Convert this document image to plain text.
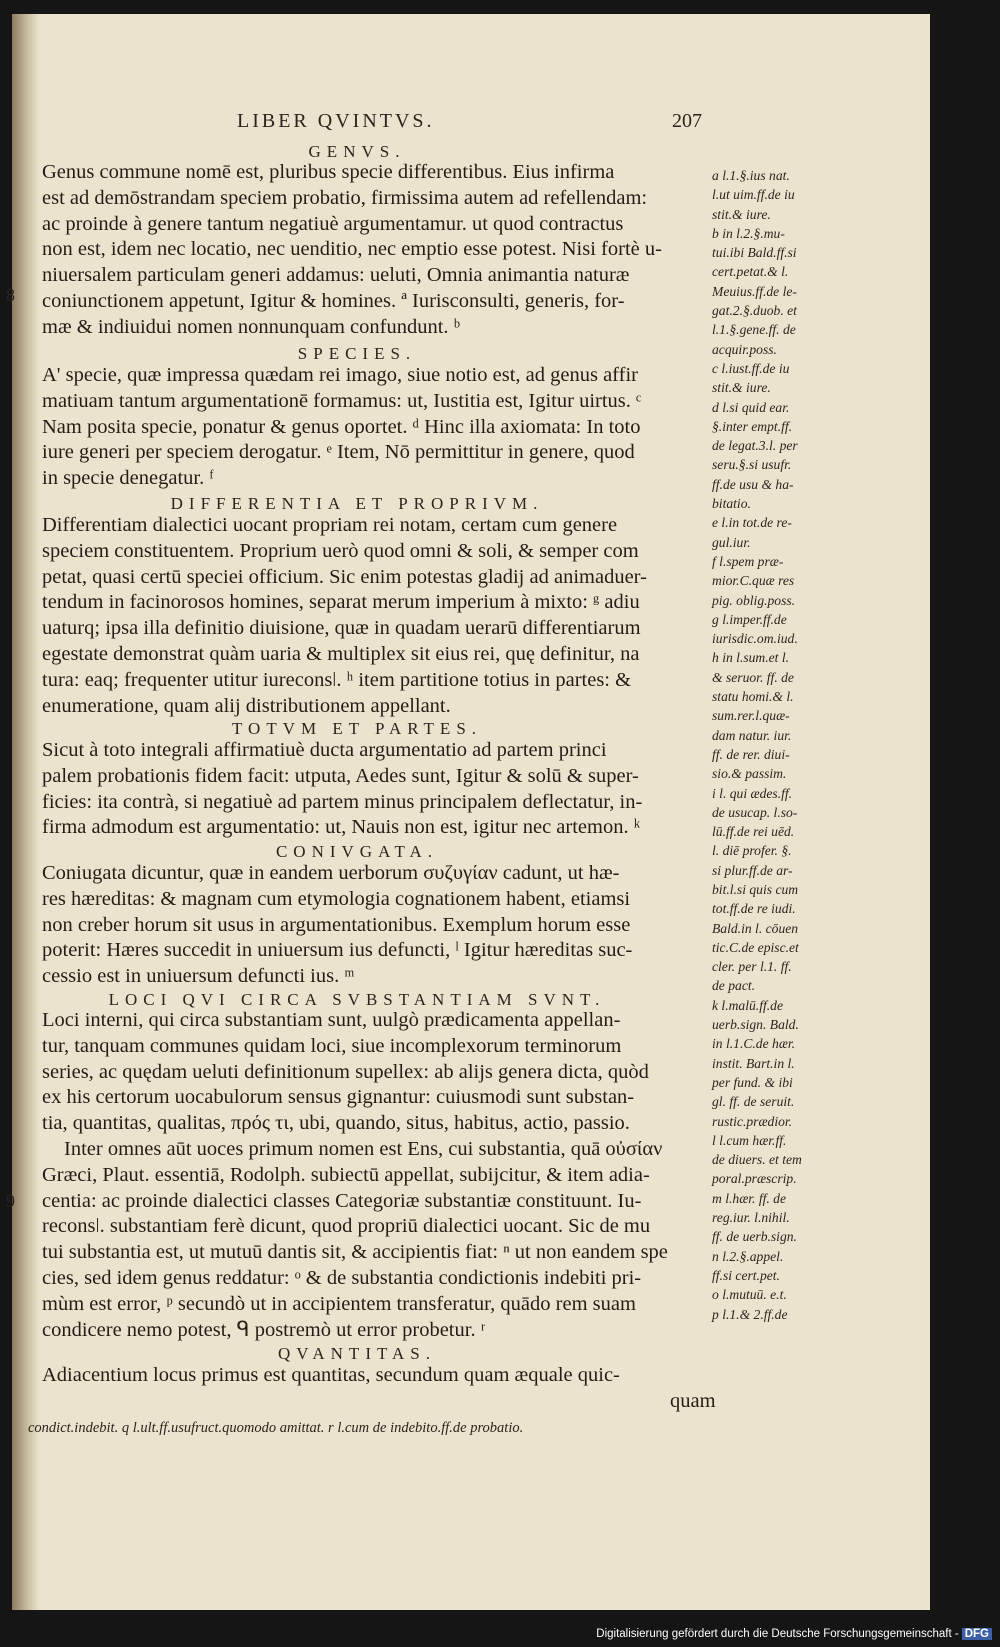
LIBER QVINTVS.	207
GENVS.
Genus commune nomē est, pluribus specie differentibus. Eius infirma
est ad demōstrandam speciem probatio, firmissima autem ad refellendam:
ac proinde à genere tantum negatiuè argumentamur. ut quod contractus
non est, idem nec locatio, nec uenditio, nec emptio esse potest. Nisi fortè u-
niuersalem particulam generi addamus: ueluti, Omnia animantia naturæ
coniunctionem appetunt, Igitur & homines. ª Iurisconsulti, generis, for-
mæ & indiuidui nomen nonnunquam confundunt. ᵇ
SPECIES.
A' specie, quæ impressa quædam rei imago, siue notio est, ad genus affir
matiuam tantum argumentationē formamus: ut, Iustitia est, Igitur uirtus. ᶜ
Nam posita specie, ponatur & genus oportet. ᵈ Hinc illa axiomata: In toto
iure generi per speciem derogatur. ᵉ Item, Nō permittitur in genere, quod
in specie denegatur. ᶠ
DIFFERENTIA ET PROPRIVM.
Differentiam dialectici uocant propriam rei notam, certam cum genere
speciem constituentem. Proprium uerò quod omni & soli, & semper com
petat, quasi certū speciei officium. Sic enim potestas gladij ad animaduer-
tendum in facinorosos homines, separat merum imperium à mixto: ᵍ adiu
uaturq; ipsa illa definitio diuisione, quæ in quadam uerarū differentiarum
egestate demonstrat quàm uaria & multiplex sit eius rei, quę definitur, na
tura: eaq; frequenter utitur iureconsǀ. ʰ item partitione totius in partes: &
enumeratione, quam alij distributionem appellant.
TOTVM ET PARTES.
Sicut à toto integrali affirmatiuè ducta argumentatio ad partem princi
palem probationis fidem facit: utputa, Aedes sunt, Igitur & solū & super-
ficies: ita contrà, si negatiuè ad partem minus principalem deflectatur, in-
firma admodum est argumentatio: ut, Nauis non est, igitur nec artemon. ᵏ
CONIVGATA.
Coniugata dicuntur, quæ in eandem uerborum συζυγίαν cadunt, ut hæ-
res hæreditas: & magnam cum etymologia cognationem habent, etiamsi
non creber horum sit usus in argumentationibus. Exemplum horum esse
poterit: Hæres succedit in uniuersum ius defuncti, ˡ Igitur hæreditas suc-
cessio est in uniuersum defuncti ius. ᵐ
LOCI QVI CIRCA SVBSTANTIAM SVNT.
Loci interni, qui circa substantiam sunt, uulgò prædicamenta appellan-
tur, tanquam communes quidam loci, siue incomplexorum terminorum
series, ac quędam ueluti definitionum supellex: ab alijs genera dicta, quòd
ex his certorum uocabulorum sensus gignantur: cuiusmodi sunt substan-
tia, quantitas, qualitas, πρός τι, ubi, quando, situs, habitus, actio, passio.
Inter omnes aūt uoces primum nomen est Ens, cui substantia, quā οὐσίαν
Græci, Plaut. essentiā, Rodolph. subiectū appellat, subijcitur, & item adia-
centia: ac proinde dialectici classes Categoriæ substantiæ constituunt. Iu-
reconsǀ. substantiam ferè dicunt, quod propriū dialectici uocant. Sic de mu
tui substantia est, ut mutuū dantis sit, & accipientis fiat: ⁿ ut non eandem spe
cies, sed idem genus reddatur: ᵒ & de substantia condictionis indebiti pri-
mùm est error, ᵖ secundò ut in accipientem transferatur, quādo rem suam
condicere nemo potest, ᑫ postremò ut error probetur. ʳ
QVANTITAS.
Adiacentium locus primus est quantitas, secundum quam æquale quic-
quam
8
9
a l.1.§.ius nat.
l.ut uim.ff.de iu
stit.& iure.
b in l.2.§.mu-
tui.ibi Bald.ff.si
cert.petat.& l.
Meuius.ff.de le-
gat.2.§.duob. et
l.1.§.gene.ff. de
acquir.poss.
c l.iust.ff.de iu
stit.& iure.
d l.si quid ear.
§.inter empt.ff.
de legat.3.l. per
seru.§.si usufr.
ff.de usu & ha-
bitatio.
e l.in tot.de re-
gul.iur.
f l.spem præ-
mior.C.quæ res
pig. oblig.poss.
g l.imper.ff.de
iurisdic.om.iud.
h in l.sum.et l.
& seruor. ff. de
statu homi.& l.
sum.rer.l.quæ-
dam natur. iur.
ff. de rer. diui-
sio.& passim.
i l. qui ædes.ff.
de usucap. l.so-
lū.ff.de rei uēd.
l. diē profer. §.
si plur.ff.de ar-
bit.l.si quis cum
tot.ff.de re iudi.
Bald.in l. cōuen
tic.C.de episc.et
cler. per l.1. ff.
de pact.
k l.malū.ff.de
uerb.sign. Bald.
in l.1.C.de hær.
instit. Bart.in l.
per fund. & ibi
gl. ff. de seruit.
rustic.prædior.
l l.cum hær.ff.
de diuers. et tem
poral.præscrip.
m l.hær. ff. de
reg.iur. l.nihil.
ff. de uerb.sign.
n l.2.§.appel.
ff.si cert.pet.
o l.mutuū. e.t.
p l.1.& 2.ff.de
condict.indebit. q l.ult.ff.usufruct.quomodo amittat. r l.cum de indebito.ff.de probatio.
Digitalisierung gefördert durch die Deutsche Forschungsgemeinschaft - DFG
